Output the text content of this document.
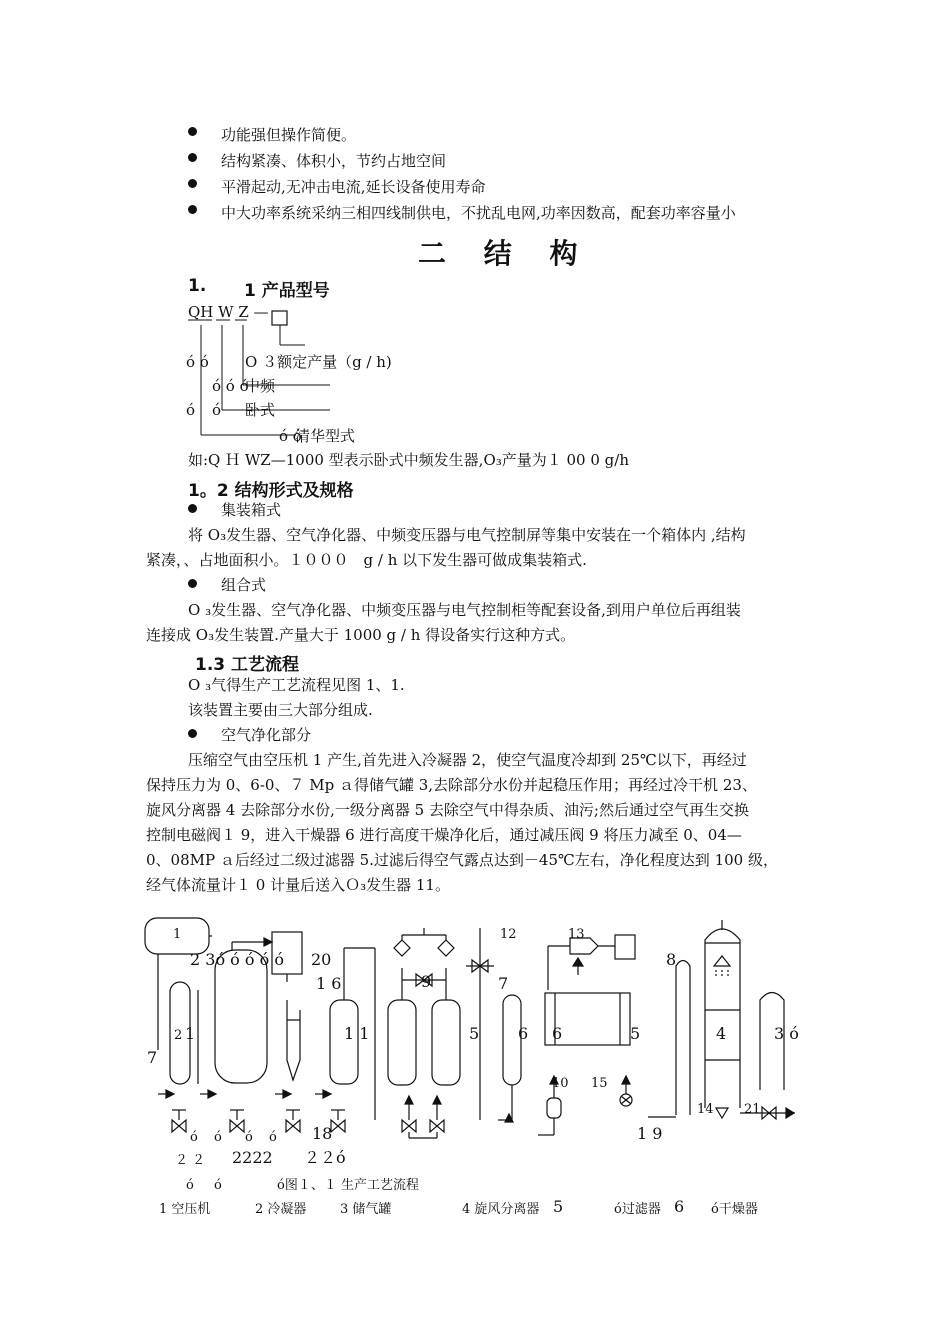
功能强但操作简便。
结构紧凑、体积小，节约占地空间
平滑起动,无冲击电流,延长设备使用寿命
中大功率系统采纳三相四线制供电，不扰乱电网,功率因数高，配套功率容量小
二 结 构
1. 1 产品型号
QH W Z —
ó ó O ３额定产量（g / h)
ó ó ó
中频
ó ó 卧式
ó ó
清华型式
如:Q Ｈ WZ—1000 型表示卧式中频发生器,O₃产量为１ 00 0 g/h
1。2 结构形式及规格
集装箱式
将 O₃发生器、空气净化器、中频变压器与电气控制屏等集中安装在一个箱体内 ,结构
紧凑，、占地面积小。１０００　g / h 以下发生器可做成集装箱式.
组合式
O ₃发生器、空气净化器、中频变压器与电气控制柜等配套设备,到用户单位后再组装
连接成 O₃发生装置.产量大于 1000 g / h 得设备实行这种方式。
1.3 工艺流程
O ₃气得生产工艺流程见图 1、1.
该装置主要由三大部分组成.
空气净化部分
压缩空气由空压机 1 产生,首先进入冷凝器 2，使空气温度冷却到 25℃以下，再经过
保持压力为 0、6-0、７ Mp ａ得储气罐 3,去除部分水份并起稳压作用；再经过冷干机 23、
旋风分离器 4 去除部分水份,一级分离器 5 去除空气中得杂质、油污;然后通过空气再生交换
控制电磁阀１ 9，进入干燥器 6 进行高度干燥净化后，通过减压阀 9 将压力减至 0、04—
0、08MP ａ后经过二级过滤器 5.过滤后得空气露点达到－45℃左右，净化程度达到 100 级，
经气体流量计１ 0 计量后送入Ｏ₃发生器 11。
1
2 3ó ó ó ó ó 20
1 6
12	13
9	7
8
2 1
7
1 1	5 6 6	5	4	3 ó
10 15
14 21
18	1 9
ó	ó
ó	ó
２ ２ 2222 ２２ó
ó ó	ó图１、１ 生产工艺流程
1 空压机	2 冷凝器	3 储气罐	4 旋风分离器 5	ó过滤器 6 ó干燥器
